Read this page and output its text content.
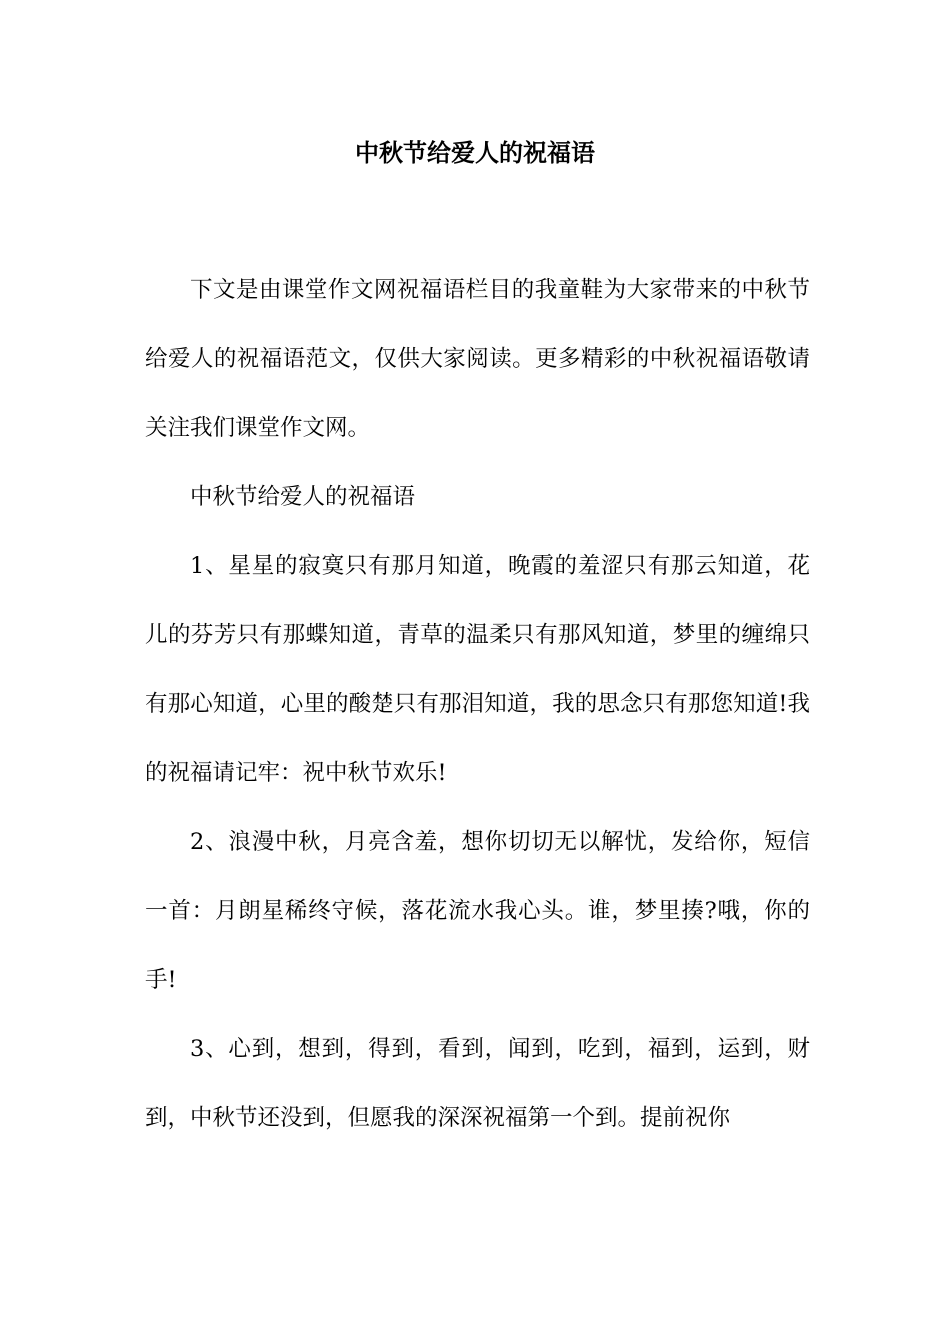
中秋节给爱人的祝福语

下文是由课堂作文网祝福语栏目的我童鞋为大家带来的中秋节给爱人的祝福语范文，仅供大家阅读。更多精彩的中秋祝福语敬请关注我们课堂作文网。

中秋节给爱人的祝福语

1、星星的寂寞只有那月知道，晚霞的羞涩只有那云知道，花儿的芬芳只有那蝶知道，青草的温柔只有那风知道，梦里的缠绵只有那心知道，心里的酸楚只有那泪知道，我的思念只有那您知道!我的祝福请记牢：祝中秋节欢乐!

2、浪漫中秋，月亮含羞，想你切切无以解忧，发给你，短信一首：月朗星稀终守候，落花流水我心头。谁，梦里揍?哦，你的手!

3、心到，想到，得到，看到，闻到，吃到，福到，运到，财到，中秋节还没到，但愿我的深深祝福第一个到。提前祝你
